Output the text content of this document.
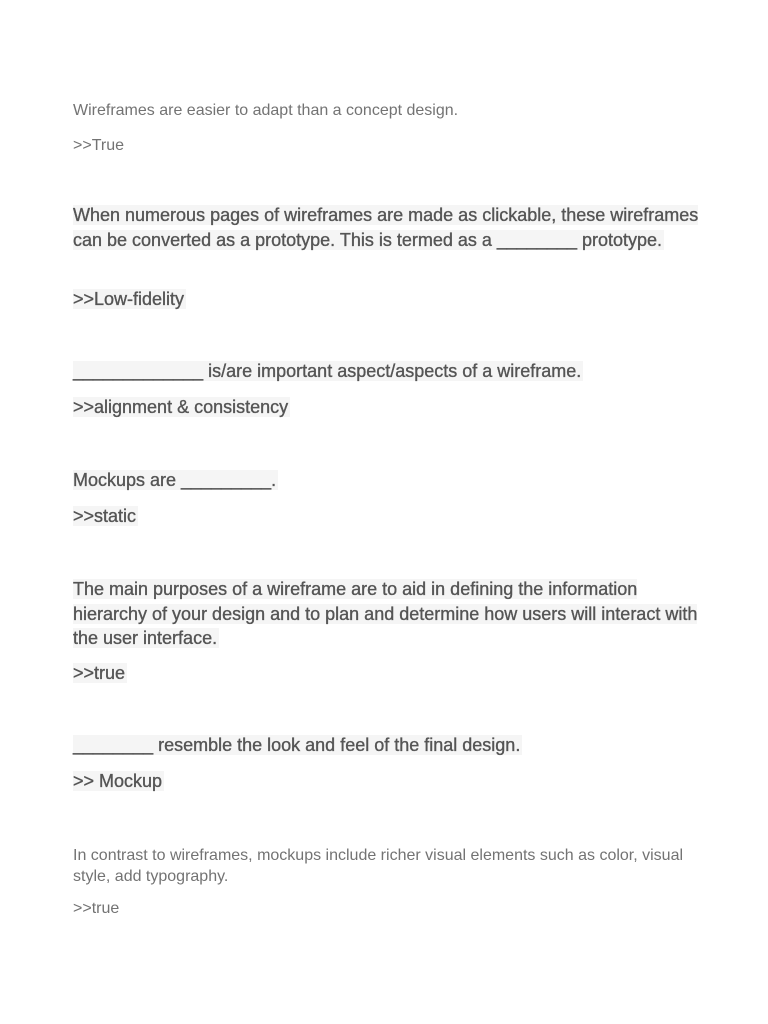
Wireframes are easier to adapt than a concept design.

>>True

When numerous pages of wireframes are made as clickable, these wireframes can be converted as a prototype. This is termed as a ________ prototype.

>>Low-fidelity

_____________ is/are important aspect/aspects of a wireframe.

>>alignment & consistency

Mockups are _________.

>>static

The main purposes of a wireframe are to aid in defining the information hierarchy of your design and to plan and determine how users will interact with the user interface.

>>true

________ resemble the look and feel of the final design.

>> Mockup

In contrast to wireframes, mockups include richer visual elements such as color, visual style, add typography.

>>true
